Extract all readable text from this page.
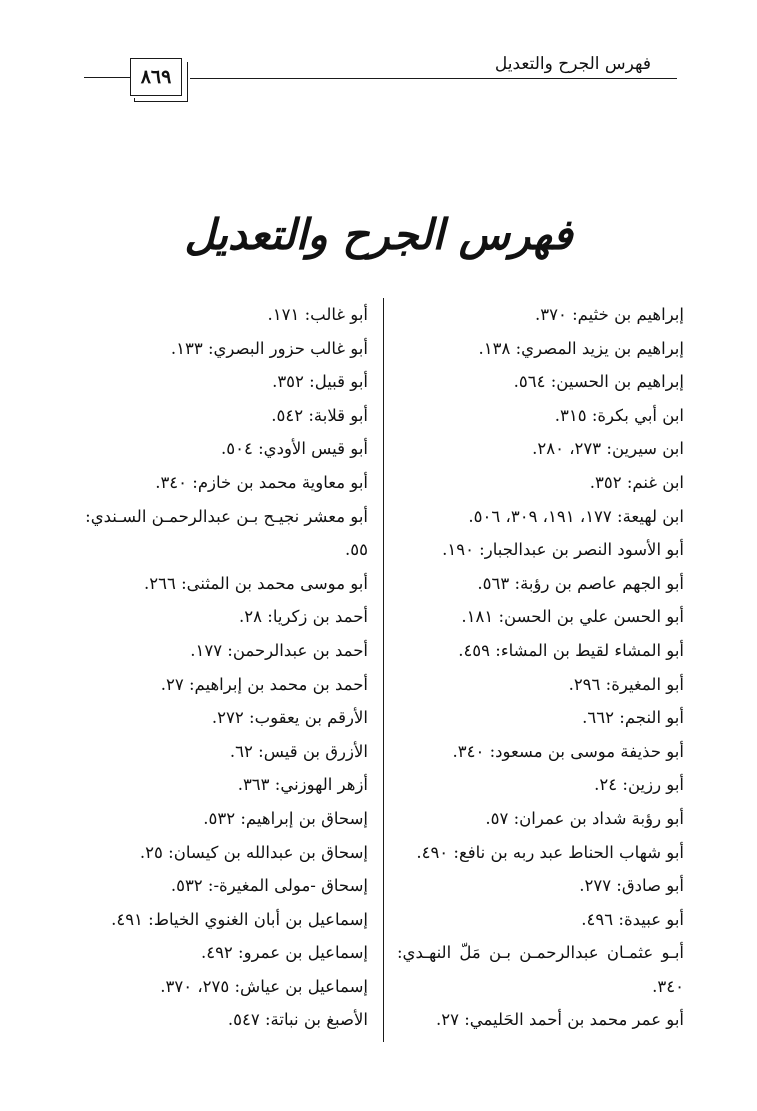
٨٦٩
فهرس الجرح والتعديل
فهرس الجرح والتعديل
إبراهيم بن خثيم: ٣٧٠.
إبراهيم بن يزيد المصري: ١٣٨.
إبراهيم بن الحسين: ٥٦٤.
ابن أبي بكرة: ٣١٥.
ابن سيرين: ٢٧٣، ٢٨٠.
ابن غنم: ٣٥٢.
ابن لهيعة: ١٧٧، ١٩١، ٣٠٩، ٥٠٦.
أبو الأسود النصر بن عبدالجبار: ١٩٠.
أبو الجهم عاصم بن رؤبة: ٥٦٣.
أبو الحسن علي بن الحسن: ١٨١.
أبو المشاء لقيط بن المشاء: ٤٥٩.
أبو المغيرة: ٢٩٦.
أبو النجم: ٦٦٢.
أبو حذيفة موسى بن مسعود: ٣٤٠.
أبو رزين: ٢٤.
أبو رؤبة شداد بن عمران: ٥٧.
أبو شهاب الحناط عبد ربه بن نافع: ٤٩٠.
أبو صادق: ٢٧٧.
أبو عبيدة: ٤٩٦.
أبـو عثمـان عبدالرحمـن بـن مَلّ النهـدي:
٣٤٠.
أبو عمر محمد بن أحمد الحَليمي: ٢٧.
أبو غالب: ١٧١.
أبو غالب حزور البصري: ١٣٣.
أبو قبيل: ٣٥٢.
أبو قلابة: ٥٤٢.
أبو قيس الأودي: ٥٠٤.
أبو معاوية محمد بن خازم: ٣٤٠.
أبو معشر نجيـح بـن عبدالرحمـن السـندي:
٥٥.
أبو موسى محمد بن المثنى: ٢٦٦.
أحمد بن زكريا: ٢٨.
أحمد بن عبدالرحمن: ١٧٧.
أحمد بن محمد بن إبراهيم: ٢٧.
الأرقم بن يعقوب: ٢٧٢.
الأزرق بن قيس: ٦٢.
أزهر الهوزني: ٣٦٣.
إسحاق بن إبراهيم: ٥٣٢.
إسحاق بن عبدالله بن كيسان: ٢٥.
إسحاق -مولى المغيرة-: ٥٣٢.
إسماعيل بن أبان الغنوي الخياط: ٤٩١.
إسماعيل بن عمرو: ٤٩٢.
إسماعيل بن عياش: ٢٧٥، ٣٧٠.
الأصبغ بن نباتة: ٥٤٧.
